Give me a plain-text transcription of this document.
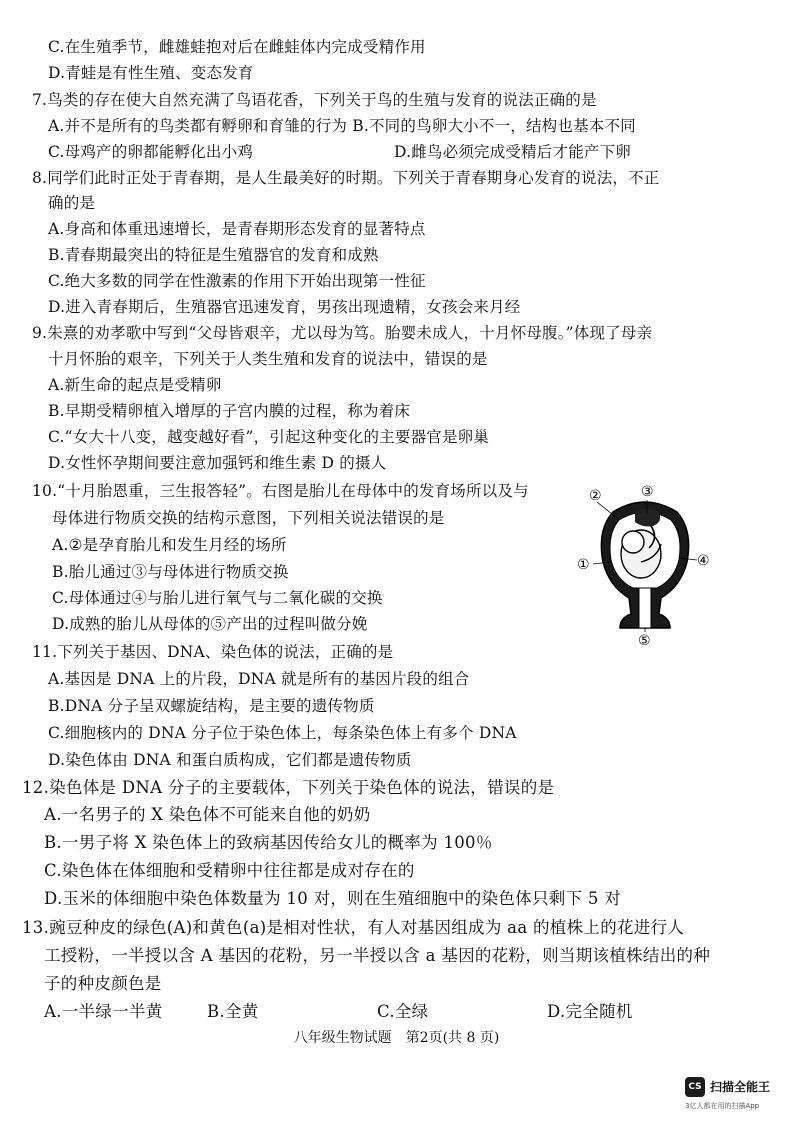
C.在生殖季节，雌雄蛙抱对后在雌蛙体内完成受精作用
D.青蛙是有性生殖、变态发育
7.鸟类的存在使大自然充满了鸟语花香，下列关于鸟的生殖与发育的说法正确的是
A.并不是所有的鸟类都有孵卵和育雏的行为 B.不同的鸟卵大小不一，结构也基本不同
C.母鸡产的卵都能孵化出小鸡	D.雌鸟必须完成受精后才能产下卵
8.同学们此时正处于青春期，是人生最美好的时期。下列关于青春期身心发育的说法，不正
确的是
A.身高和体重迅速增长，是青春期形态发育的显著特点
B.青春期最突出的特征是生殖器官的发育和成熟
C.绝大多数的同学在性激素的作用下开始出现第一性征
D.进入青春期后，生殖器官迅速发育，男孩出现遗精，女孩会来月经
9.朱熹的劝孝歌中写到“父母皆艰辛，尤以母为笃。胎婴未成人，十月怀母腹。”体现了母亲
十月怀胎的艰辛，下列关于人类生殖和发育的说法中，错误的是
A.新生命的起点是受精卵
B.早期受精卵植入增厚的子宫内膜的过程，称为着床
C.“女大十八变，越变越好看”，引起这种变化的主要器官是卵巢
D.女性怀孕期间要注意加强钙和维生素 D 的摄人
10.“十月胎恩重，三生报答轻”。右图是胎儿在母体中的发育场所以及与
母体进行物质交换的结构示意图，下列相关说法错误的是
A.②是孕育胎儿和发生月经的场所
B.胎儿通过③与母体进行物质交换
C.母体通过④与胎儿进行氧气与二氧化碳的交换
D.成熟的胎儿从母体的⑤产出的过程叫做分娩
11.下列关于基因、DNA、染色体的说法，正确的是
A.基因是 DNA 上的片段，DNA 就是所有的基因片段的组合
B.DNA 分子呈双螺旋结构，是主要的遗传物质
C.细胞核内的 DNA 分子位于染色体上，每条染色体上有多个 DNA
D.染色体由 DNA 和蛋白质构成，它们都是遗传物质
12.染色体是 DNA 分子的主要载体，下列关于染色体的说法，错误的是
A.一名男子的 X 染色体不可能来自他的奶奶
B.一男子将 X 染色体上的致病基因传给女儿的概率为 100％
C.染色体在体细胞和受精卵中往往都是成对存在的
D.玉米的体细胞中染色体数量为 10 对，则在生殖细胞中的染色体只剩下 5 对
13.豌豆种皮的绿色(A)和黄色(a)是相对性状，有人对基因组成为 aa 的植株上的花进行人
工授粉，一半授以含 A 基因的花粉，另一半授以含 a 基因的花粉，则当期该植株结出的种
子的种皮颜色是
A.一半绿一半黄	B.全黄	C.全绿	D.完全随机
②	③
①	④
⑤
八年级生物试题　第2页(共 8 页)
CS 扫描全能王
3亿人都在用的扫描App
